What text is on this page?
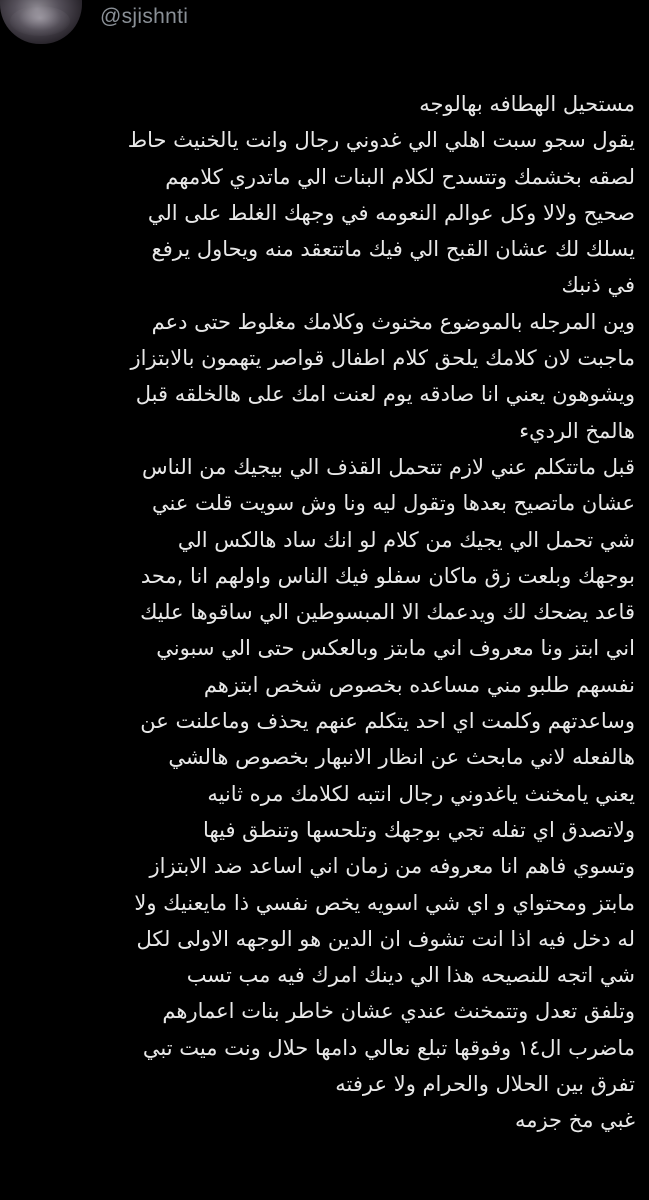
@sjishnti
مستحيل الهطافه بهالوجه
يقول سجو سبت اهلي الي غدوني رجال وانت يالخنيث حاط
لصقه بخشمك وتتسدح لكلام البنات الي ماتدري كلامهم
صحيح ولالا وكل عوالم النعومه في وجهك الغلط على الي
يسلك لك عشان القبح الي فيك ماتتعقد منه ويحاول يرفع
في ذنبك
وين المرجله بالموضوع مخنوث وكلامك مغلوط حتى دعم
ماجبت لان كلامك يلحق كلام اطفال قواصر يتهمون بالابتزاز
ويشوهون يعني انا صادقه يوم لعنت امك على هالخلقه قبل
هالمخ الرديء
قبل ماتتكلم عني لازم تتحمل القذف الي بيجيك من الناس
عشان ماتصيح بعدها وتقول ليه ونا وش سويت قلت عني
شي تحمل الي يجيك من كلام لو انك ساد هالكس الي
بوجهك وبلعت زق ماكان سفلو فيك الناس واولهم انا ,محد
قاعد يضحك لك ويدعمك الا المبسوطين الي ساقوها عليك
اني ابتز ونا معروف اني مابتز وبالعكس حتى الي سبوني
نفسهم طلبو مني مساعده بخصوص شخص ابتزهم
وساعدتهم وكلمت اي احد يتكلم عنهم يحذف وماعلنت عن
هالفعله لاني مابحث عن انظار الانبهار بخصوص هالشي
يعني يامخنث ياغدوني رجال انتبه لكلامك مره ثانيه
ولاتصدق اي تفله تجي بوجهك وتلحسها وتنطق فيها
وتسوي فاهم انا معروفه من زمان اني اساعد ضد الابتزاز
مابتز ومحتواي و اي شي اسويه يخص نفسي ذا مايعنيك ولا
له دخل فيه اذا انت تشوف ان الدين هو الوجهه الاولى لكل
شي اتجه للنصيحه هذا الي دينك امرك فيه مب تسب
وتلفق تعدل وتتمخنث عندي عشان خاطر بنات اعمارهم
ماضرب ال١٤ وفوقها تبلع نعالي دامها حلال ونت ميت تبي
تفرق بين الحلال والحرام ولا عرفته
غبي مخ جزمه
